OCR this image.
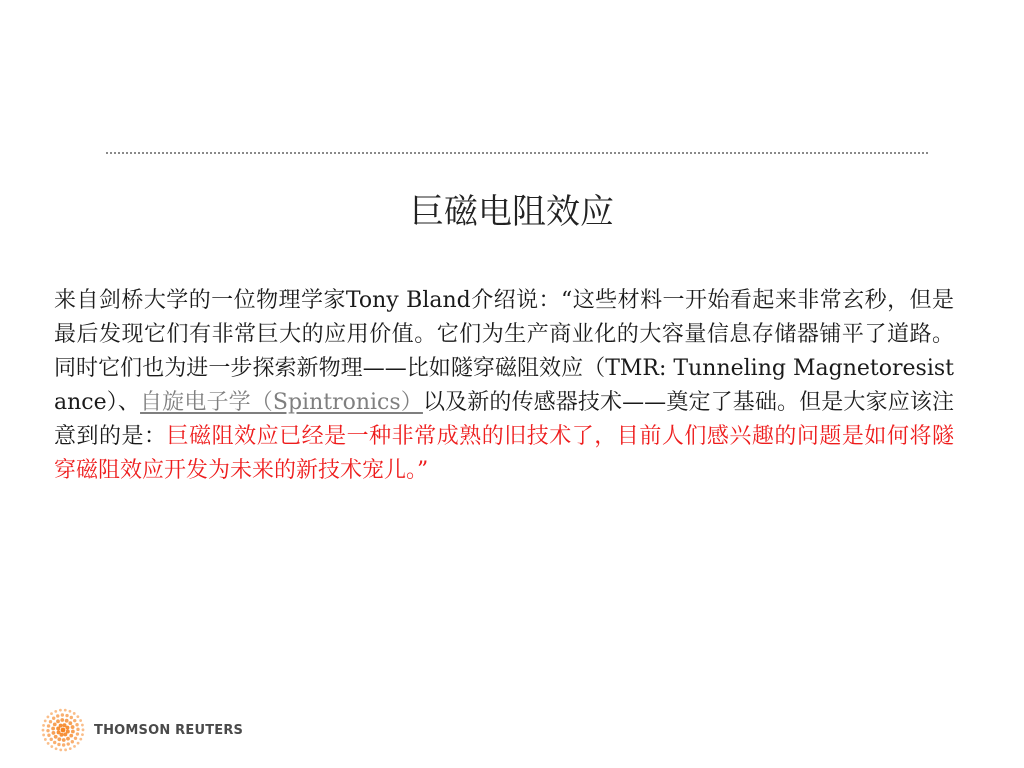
巨磁电阻效应

来自剑桥大学的一位物理学家Tony Bland介绍说：“这些材料一开始看起来非常玄秒，但是最后发现它们有非常巨大的应用价值。它们为生产商业化的大容量信息存储器铺平了道路。同时它们也为进一步探索新物理——比如隧穿磁阻效应（TMR: Tunneling Magnetoresistance）、自旋电子学（Spintronics）以及新的传感器技术——奠定了基础。但是大家应该注意到的是：巨磁阻效应已经是一种非常成熟的旧技术了，目前人们感兴趣的问题是如何将隧穿磁阻效应开发为未来的新技术宠儿。”

THOMSON REUTERS
